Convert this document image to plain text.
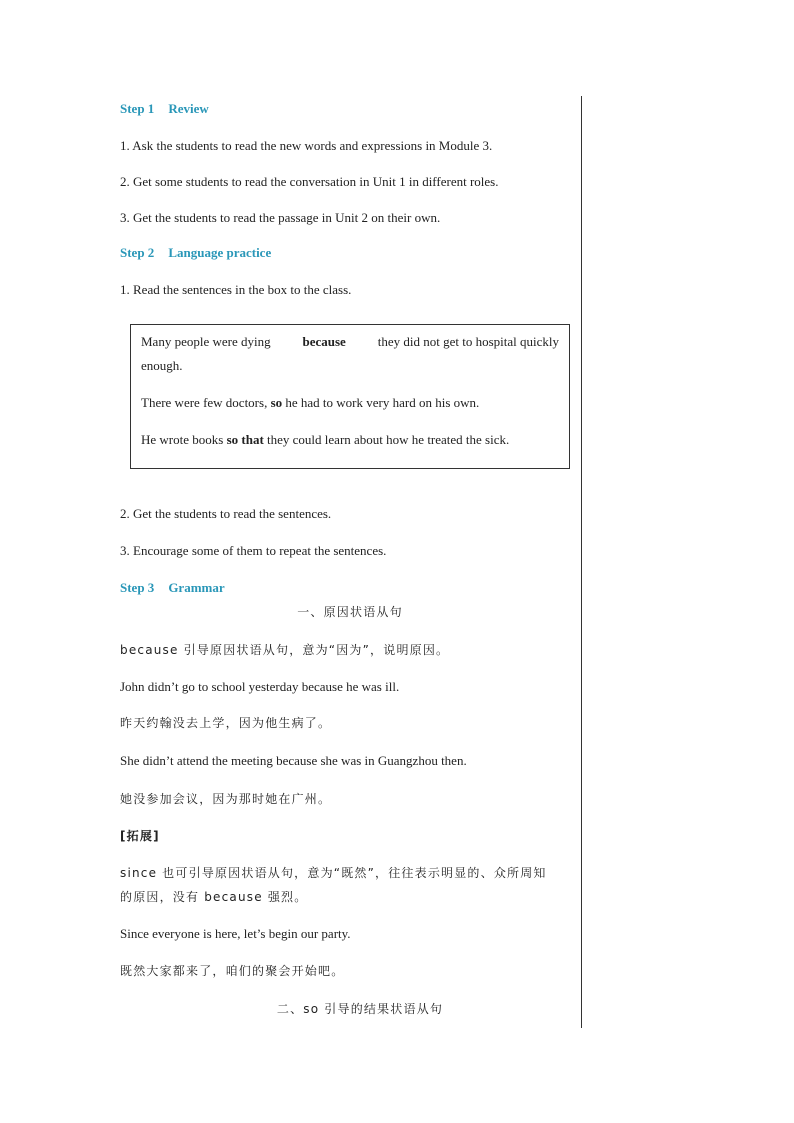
Step 1 Review
1. Ask the students to read the new words and expressions in Module 3.
2. Get some students to read the conversation in Unit 1 in different roles.
3. Get the students to read the passage in Unit 2 on their own.
Step 2 Language practice
1. Read the sentences in the box to the class.
Many people were dying because they did not get to hospital quickly
enough.
There were few doctors, so he had to work very hard on his own.
He wrote books so that they could learn about how he treated the sick.
2. Get the students to read the sentences.
3. Encourage some of them to repeat the sentences.
Step 3 Grammar
一、原因状语从句
because 引导原因状语从句，意为“因为”，说明原因。
John didn’t go to school yesterday because he was ill.
昨天约翰没去上学，因为他生病了。
She didn’t attend the meeting because she was in Guangzhou then.
她没参加会议，因为那时她在广州。
[拓展]
since 也可引导原因状语从句，意为“既然”，往往表示明显的、众所周知
的原因，没有 because 强烈。
Since everyone is here, let’s begin our party.
既然大家都来了，咱们的聚会开始吧。
二、so 引导的结果状语从句
